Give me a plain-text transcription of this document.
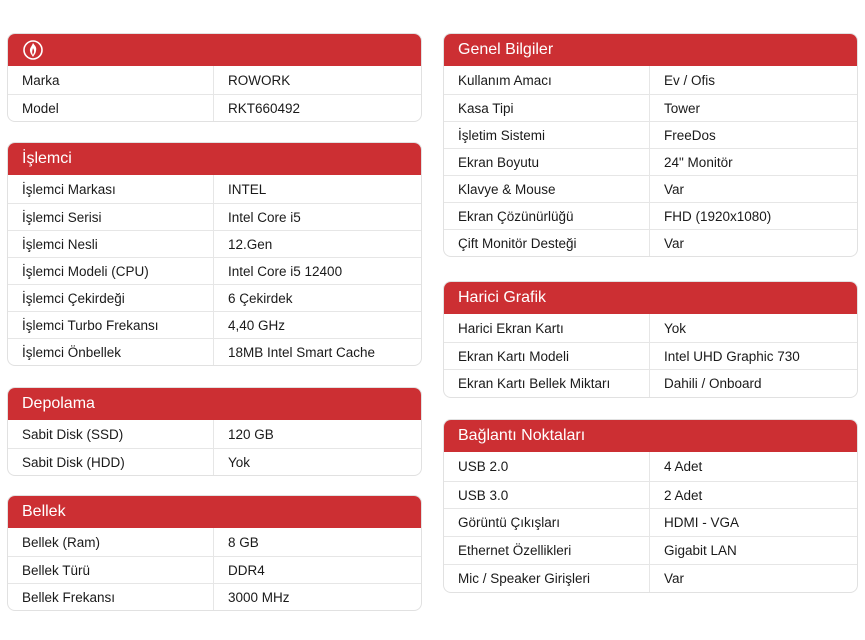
Marka	ROWORK
Model	RKT660492
İşlemci
İşlemci Markası	INTEL
İşlemci Serisi	Intel Core i5
İşlemci Nesli	12.Gen
İşlemci Modeli (CPU)	Intel Core i5 12400
İşlemci Çekirdeği	6 Çekirdek
İşlemci Turbo Frekansı	4,40 GHz
İşlemci Önbellek	18MB Intel Smart Cache
Depolama
Sabit Disk (SSD)	120 GB
Sabit Disk (HDD)	Yok
Bellek
Bellek (Ram)	8 GB
Bellek Türü	DDR4
Bellek Frekansı	3000 MHz
Genel Bilgiler
Kullanım Amacı	Ev / Ofis
Kasa Tipi	Tower
İşletim Sistemi	FreeDos
Ekran Boyutu	24" Monitör
Klavye & Mouse	Var
Ekran Çözünürlüğü	FHD (1920x1080)
Çift Monitör Desteği	Var
Harici Grafik
Harici Ekran Kartı	Yok
Ekran Kartı Modeli	Intel UHD Graphic 730
Ekran Kartı Bellek Miktarı	Dahili / Onboard
Bağlantı Noktaları
USB 2.0	4 Adet
USB 3.0	2 Adet
Görüntü Çıkışları	HDMI - VGA
Ethernet Özellikleri	Gigabit LAN
Mic / Speaker Girişleri	Var
